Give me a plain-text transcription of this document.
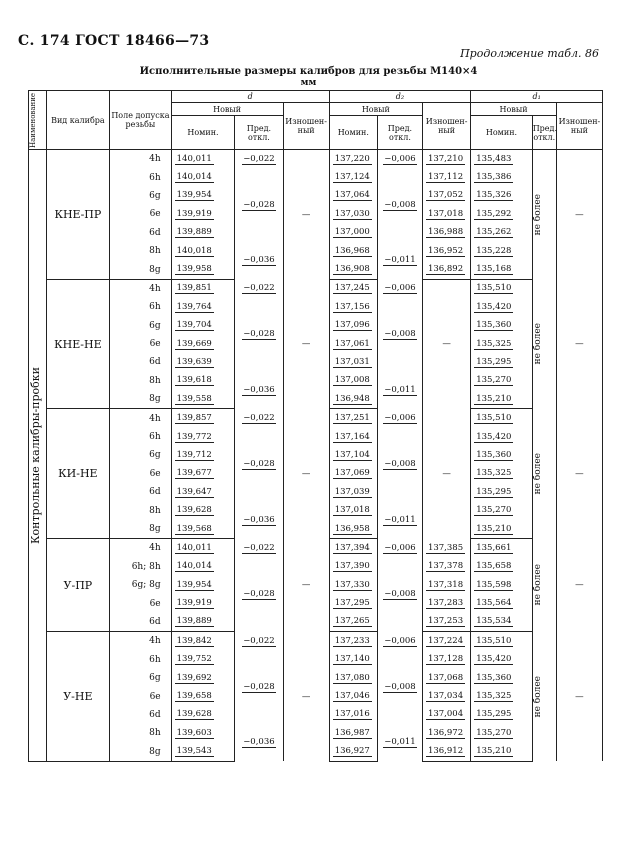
С. 174 ГОСТ 18466—73
Продолжение табл. 86
Исполнительные размеры калибров для резьбы М140×4
мм
Наименование	Вид калибра	Поле допуска резьбы	d			d₂			d₁		
			Новый		Изношен-ный	Новый		Изношен-ный	Новый		Изношен-ный
			Номин.	Пред. откл.		Номин.	Пред. откл.		Номин.	Пред. откл.	

Контрольные калибры-пробки	КНЕ-ПР	4h	140,011	−0,022	—	137,220	−0,006	137,210	135,483	не более	—
		6h	140,014	−0,028		137,124	−0,008	137,112	135,386		
		6g	139,954			137,064		137,052	135,326		
		6e	139,919			137,030		137,018	135,292		
		6d	139,889			137,000		136,988	135,262		
		8h	140,018	−0,036		136,968	−0,011	136,952	135,228		
		8g	139,958			136,908		136,892	135,168		
	КНЕ-НЕ	4h	139,851	−0,022	—	137,245	−0,006	—	135,510	не более	—
		6h	139,764	−0,028		137,156	−0,008		135,420		
		6g	139,704			137,096			135,360		
		6e	139,669			137,061			135,325		
		6d	139,639			137,031			135,295		
		8h	139,618	−0,036		137,008	−0,011		135,270		
		8g	139,558			136,948			135,210		
	КИ-НЕ	4h	139,857	−0,022	—	137,251	−0,006	—	135,510	не более	—
		6h	139,772	−0,028		137,164	−0,008		135,420		
		6g	139,712			137,104			135,360		
		6e	139,677			137,069			135,325		
		6d	139,647			137,039			135,295		
		8h	139,628	−0,036		137,018	−0,011		135,270		
		8g	139,568			136,958			135,210		
	У-ПР	4h	140,011	−0,022	—	137,394	−0,006	137,385	135,661	не более	—
		6h; 8h	140,014	−0,028		137,390	−0,008	137,378	135,658		
		6g; 8g	139,954			137,330		137,318	135,598		
		6e	139,919			137,295		137,283	135,564		
		6d	139,889			137,265		137,253	135,534		
	У-НЕ	4h	139,842	−0,022	—	137,233	−0,006	137,224	135,510	не более	—
		6h	139,752	−0,028		137,140	−0,008	137,128	135,420		
		6g	139,692			137,080		137,068	135,360		
		6e	139,658			137,046		137,034	135,325		
		6d	139,628			137,016		137,004	135,295		
		8h	139,603	−0,036		136,987	−0,011	136,972	135,270		
		8g	139,543			136,927		136,912	135,210		
